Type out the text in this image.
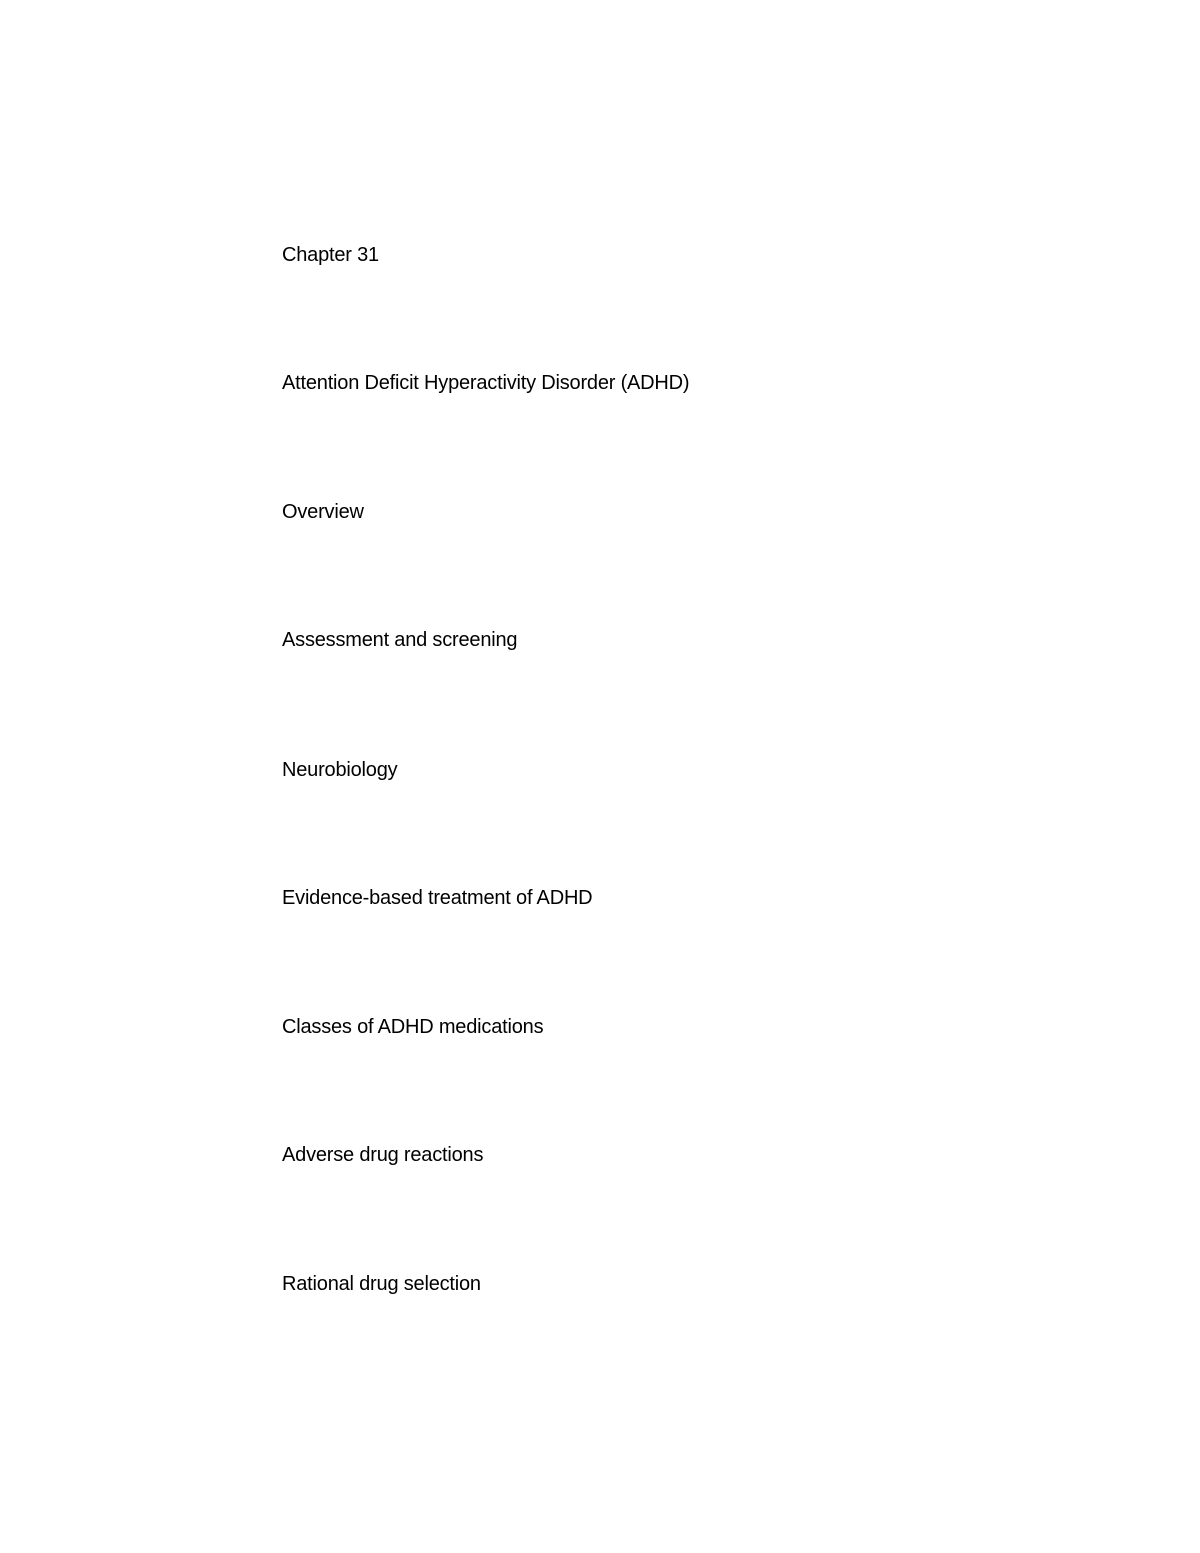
Chapter 31
Attention Deficit Hyperactivity Disorder (ADHD)
Overview
Assessment and screening
Neurobiology
Evidence-based treatment of ADHD
Classes of ADHD medications
Adverse drug reactions
Rational drug selection
